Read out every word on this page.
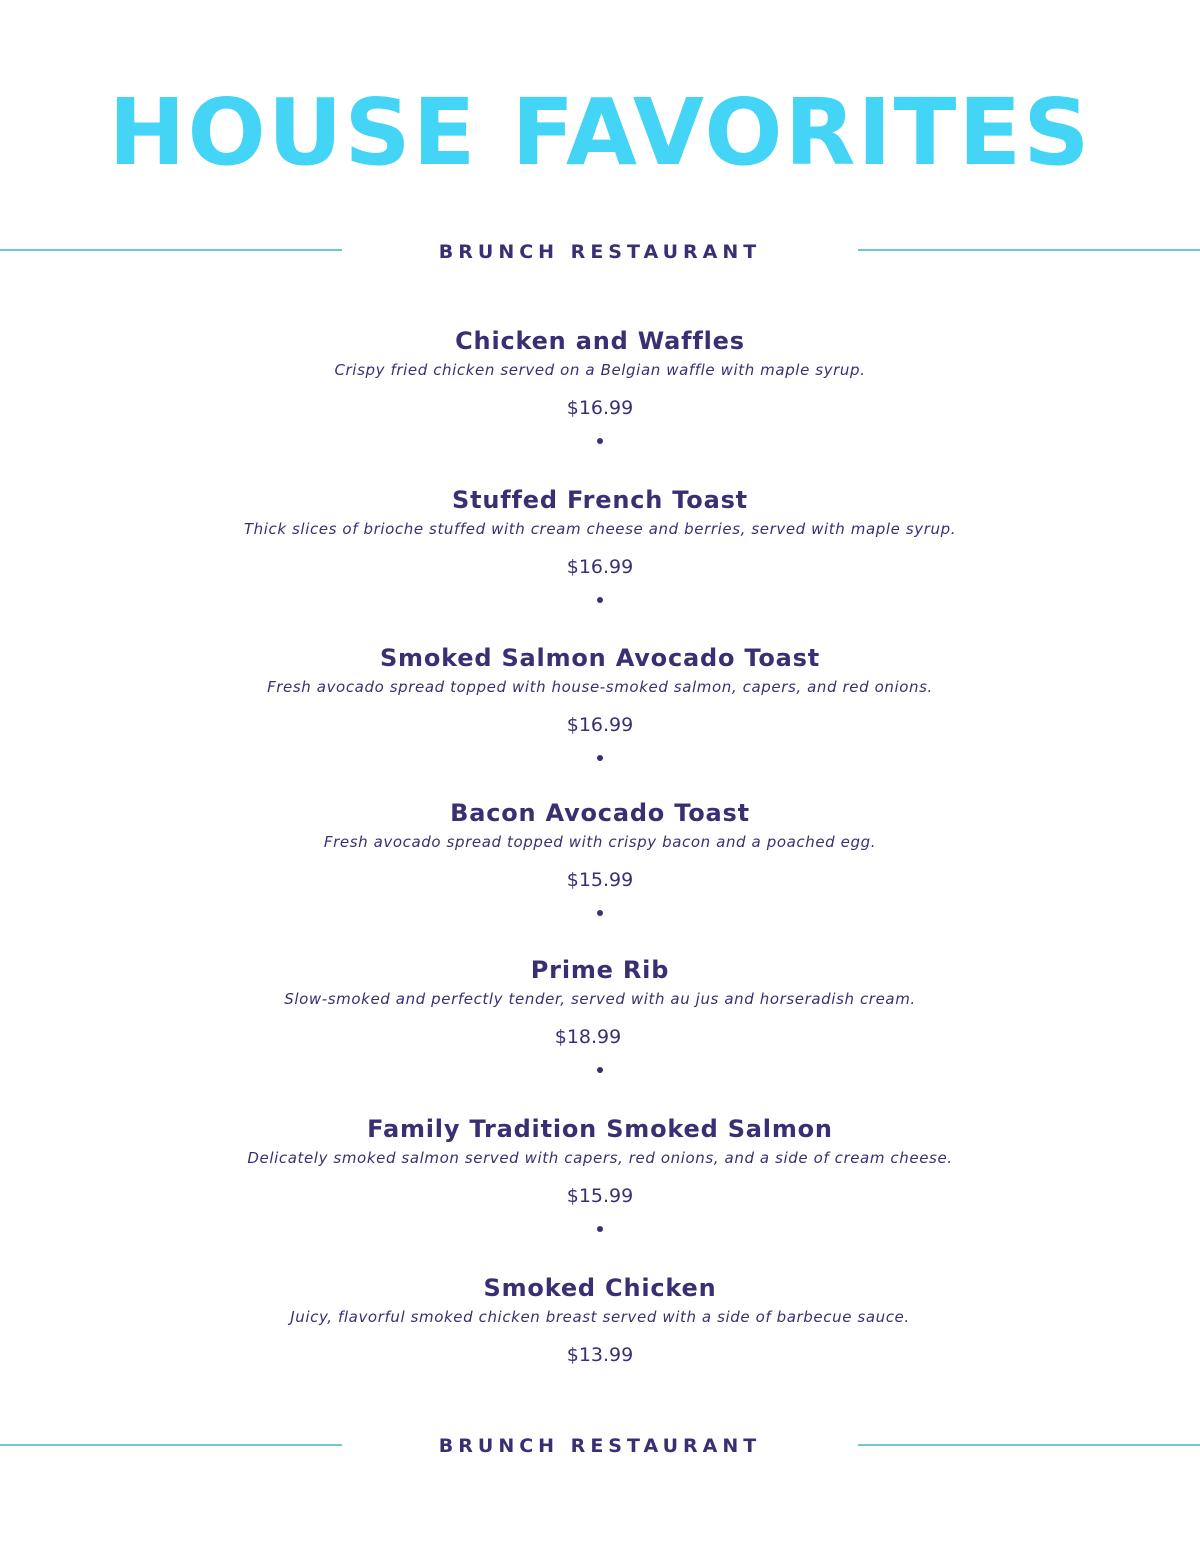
HOUSE FAVORITES

BRUNCH RESTAURANT

Chicken and Waffles

Crispy fried chicken served on a Belgian waffle with maple syrup.

$16.99

Stuffed French Toast

Thick slices of brioche stuffed with cream cheese and berries, served with maple syrup.

$16.99

Smoked Salmon Avocado Toast

Fresh avocado spread topped with house-smoked salmon, capers, and red onions.

$16.99

Bacon Avocado Toast

Fresh avocado spread topped with crispy bacon and a poached egg.

$15.99

Prime Rib

Slow-smoked and perfectly tender, served with au jus and horseradish cream.

$18.99

Family Tradition Smoked Salmon

Delicately smoked salmon served with capers, red onions, and a side of cream cheese.

$15.99

Smoked Chicken

Juicy, flavorful smoked chicken breast served with a side of barbecue sauce.

$13.99

BRUNCH RESTAURANT
